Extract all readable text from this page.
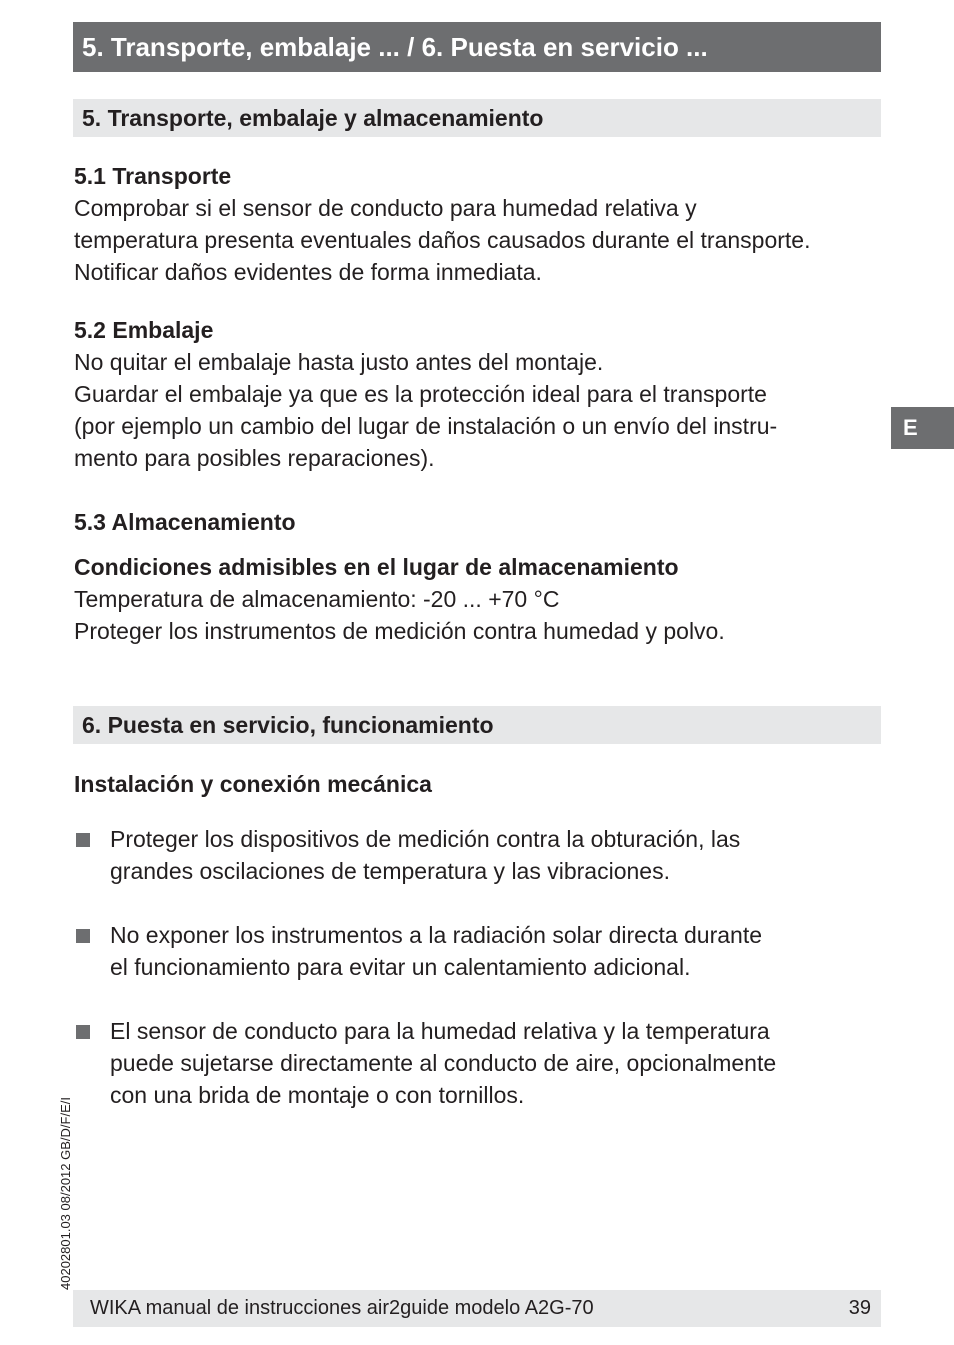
5. Transporte, embalaje ... / 6. Puesta en servicio ...
5. Transporte, embalaje y almacenamiento
5.1 Transporte
Comprobar si el sensor de conducto para humedad relativa y
temperatura presenta eventuales daños causados durante el transporte.
Notificar daños evidentes de forma inmediata.
5.2 Embalaje
No quitar el embalaje hasta justo antes del montaje.
Guardar el embalaje ya que es la protección ideal para el transporte
(por ejemplo un cambio del lugar de instalación o un envío del instru-
mento para posibles reparaciones).
5.3 Almacenamiento
Condiciones admisibles en el lugar de almacenamiento
Temperatura de almacenamiento: -20 ... +70 °C
Proteger los instrumentos de medición contra humedad y polvo.
6. Puesta en servicio, funcionamiento
Instalación y conexión mecánica
Proteger los dispositivos de medición contra la obturación, las
grandes oscilaciones de temperatura y las vibraciones.
No exponer los instrumentos a la radiación solar directa durante
el funcionamiento para evitar un calentamiento adicional.
El sensor de conducto para la humedad relativa y la temperatura
puede sujetarse directamente al conducto de aire, opcionalmente
con una brida de montaje o con tornillos.
E
40202801.03 08/2012 GB/D/F/E/I
WIKA manual de instrucciones air2guide modelo A2G-70	39
